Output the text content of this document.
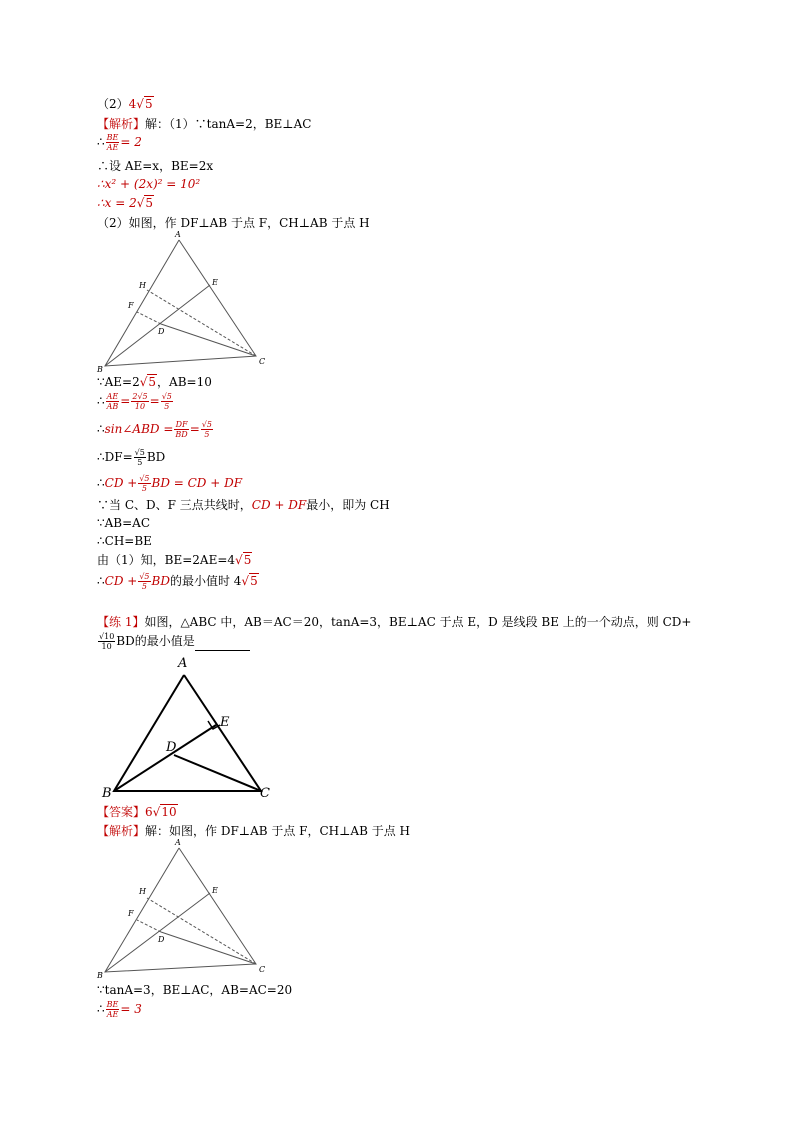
（2）4√5
【解析】解：（1）∵tanA=2，BE⊥AC
∴ $\frac{BE}{AE} = 2$
∴设 AE=x，BE=2x
∴x² + (2x)² = 10²
∴x = 2√5
（2）如图，作 DF⊥AB 于点 F，CH⊥AB 于点 H
A
H	E
F
D
B
C
∵AE=2√5，AB=10
∴ $\frac{AE}{AB} = \frac{2√5}{10} = \frac{√5}{5}$
∴sin∠ABD = $\frac{DF}{BD} = \frac{√5}{5}$
∴DF= $\frac{√5}{5}$ BD
∴CD + $\frac{√5}{5}$ BD = CD + DF
∵当 C、D、F 三点共线时，CD + DF最小，即为 CH
∵AB=AC
∴CH=BE
由（1）知，BE=2AE=4√5
∴CD + $\frac{√5}{5}$ BD的最小值时 4√5
【练 1】如图，△ABC 中，AB＝AC＝20，tanA=3，BE⊥AC 于点 E，D 是线段 BE 上的一个动点，则 CD+
$\frac{√10}{10}$ BD的最小值是
A
E
D
B	C
【答案】6√10
【解析】解：如图，作 DF⊥AB 于点 F，CH⊥AB 于点 H
A
H	E
F
D
B
C
∵tanA=3，BE⊥AC，AB=AC=20
∴ $\frac{BE}{AE} = 3$
